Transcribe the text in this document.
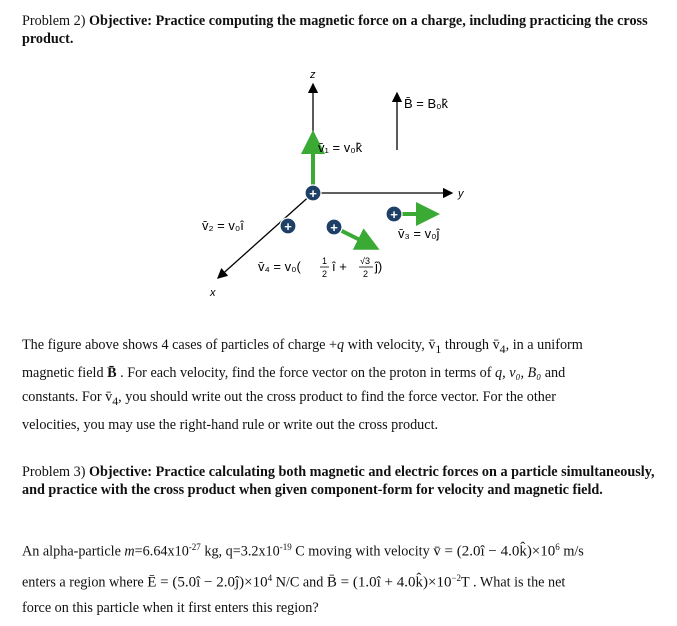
Problem 2) Objective: Practice computing the magnetic force on a charge, including practicing the cross product.
z
y
x
B̄ = B₀k̂
v̄₁ = v₀k̂
+
+
v̄₂ = v₀î
+
v̄₃ = v₀ĵ
+
v̄₄ = v₀( 1
2 î + √3
2 ĵ)
The figure above shows 4 cases of particles of charge +q with velocity, $v̄_1$ through $v̄_4$, in a uniform
magnetic field B̄ . For each velocity, find the force vector on the proton in terms of q, v₀, B₀ and
constants. For $v̄_4$, you should write out the cross product to find the force vector. For the other
velocities, you may use the right-hand rule or write out the cross product.
Problem 3) Objective: Practice calculating both magnetic and electric forces on a particle simultaneously, and practice with the cross product when given component-form for velocity and magnetic field.
An alpha-particle $m=6.64x10^{-27}$ kg, $q=3.2x10^{-19}$ C moving with velocity v̄ = (2.0î − $4.0k̂)\times 10^6$ m/s
enters a region where Ē = (5.0î − $2.0ĵ)\times 10^4$ N/C and B̄ = (1.0î + $4.0k̂)\times 10^{-2}T$ . What is the net
force on this particle when it first enters this region?
